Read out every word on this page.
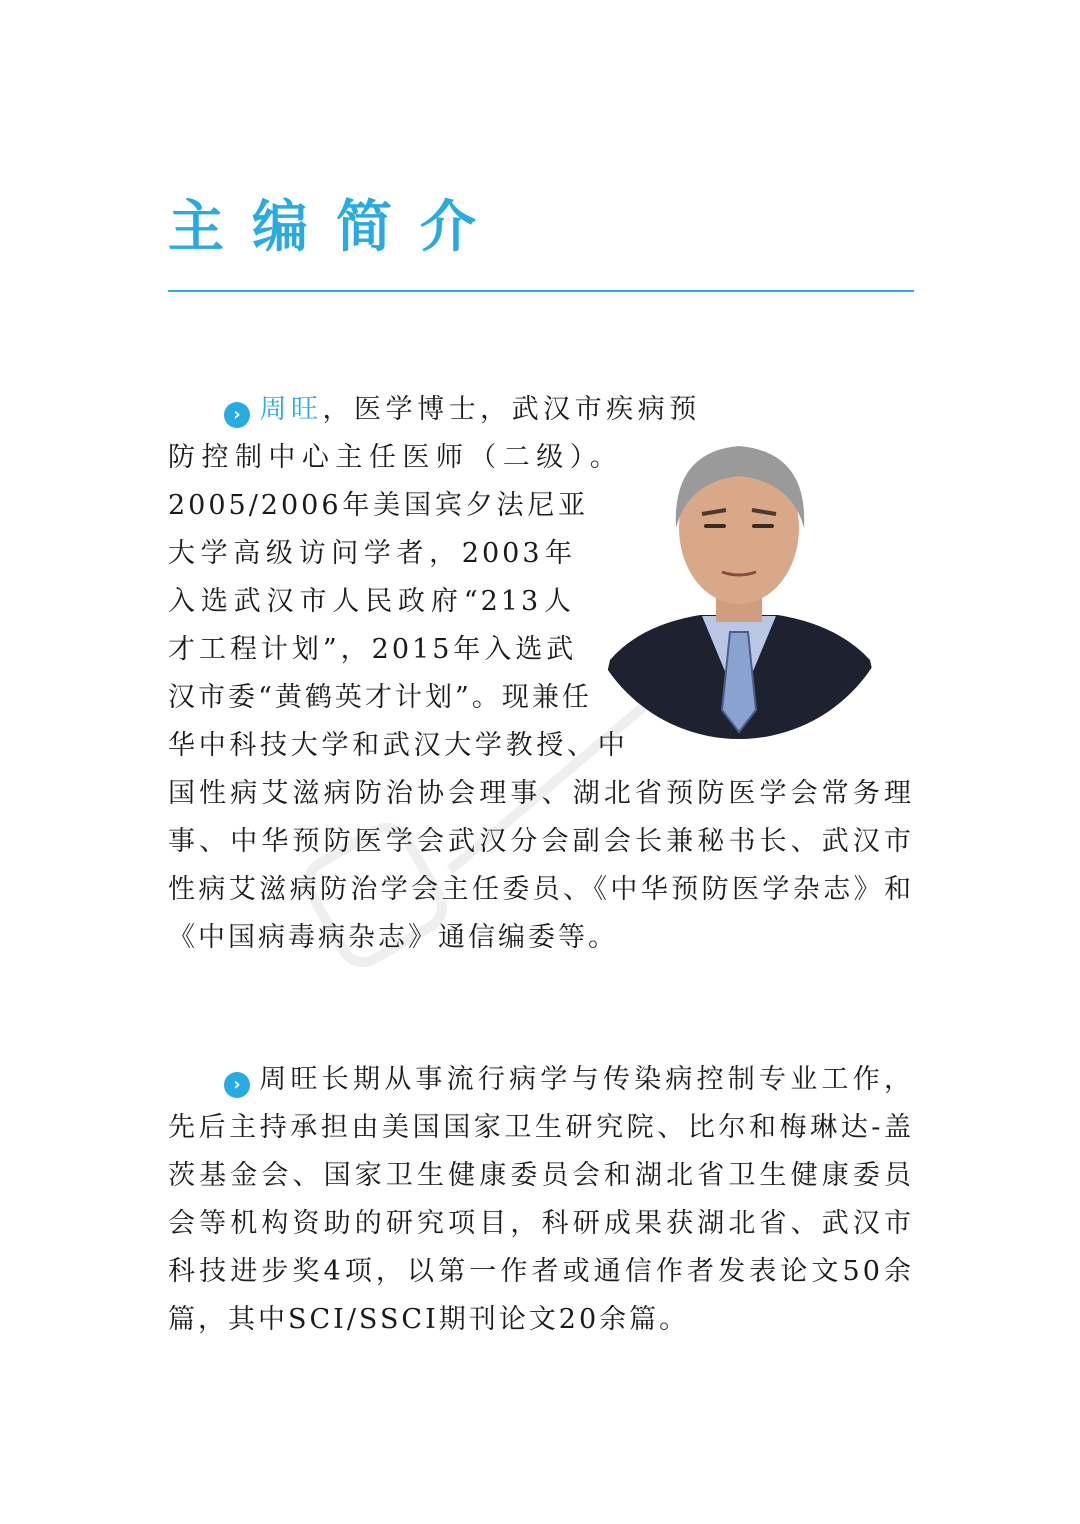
主编简介
› 周旺，医学博士，武汉市疾病预防控制中心主任医师（二级）。2005/2006年美国宾夕法尼亚大学高级访问学者，2003年入选武汉市人民政府“213人才工程计划”，2015年入选武汉市委“黄鹤英才计划”。现兼任华中科技大学和武汉大学教授、中国性病艾滋病防治协会理事、湖北省预防医学会常务理事、中华预防医学会武汉分会副会长兼秘书长、武汉市性病艾滋病防治学会主任委员、《中华预防医学杂志》和《中国病毒病杂志》通信编委等。
› 周旺长期从事流行病学与传染病控制专业工作，先后主持承担由美国国家卫生研究院、比尔和梅琳达-盖茨基金会、国家卫生健康委员会和湖北省卫生健康委员会等机构资助的研究项目，科研成果获湖北省、武汉市科技进步奖4项，以第一作者或通信作者发表论文50余篇，其中SCI/SSCI期刊论文20余篇。
